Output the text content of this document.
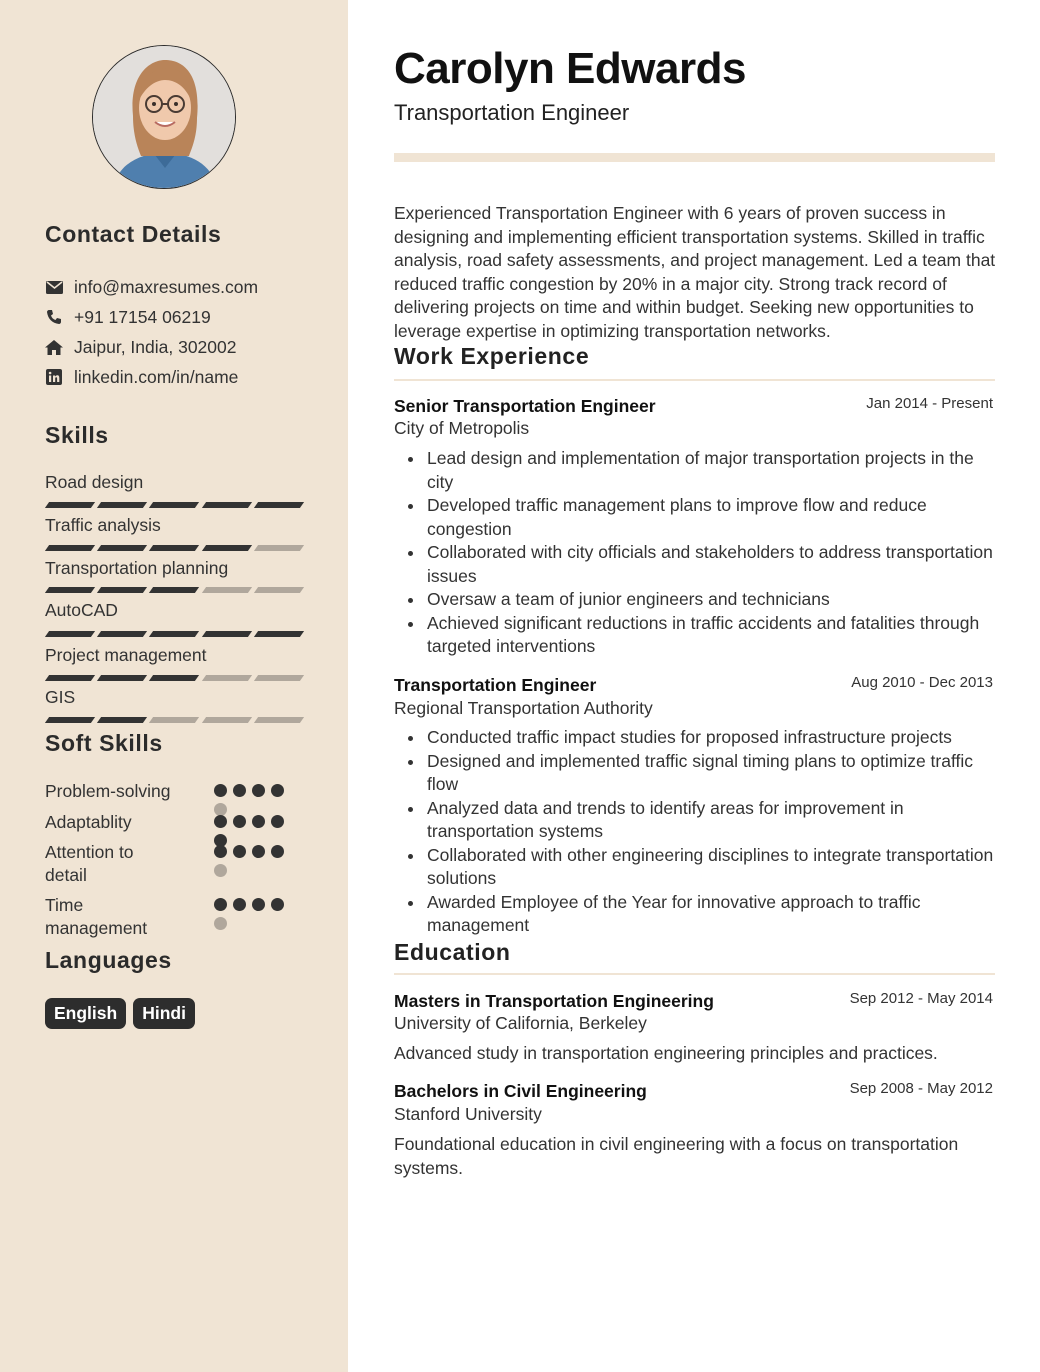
Contact Details
info@maxresumes.com
+91 17154 06219
Jaipur, India, 302002
linkedin.com/in/name
Skills
Road design
Traffic analysis
Transportation planning
AutoCAD
Project management
GIS
Soft Skills
Problem-solving
Adaptablity
Attention to detail
Time management
Languages
English	Hindi
Carolyn Edwards
Transportation Engineer
Experienced Transportation Engineer with 6 years of proven success in designing and implementing efficient transportation systems. Skilled in traffic analysis, road safety assessments, and project management. Led a team that reduced traffic congestion by 20% in a major city. Strong track record of delivering projects on time and within budget. Seeking new opportunities to leverage expertise in optimizing transportation networks.
Work Experience
Senior Transportation Engineer	Jan 2014 - Present
City of Metropolis
Lead design and implementation of major transportation projects in the city
Developed traffic management plans to improve flow and reduce congestion
Collaborated with city officials and stakeholders to address transportation issues
Oversaw a team of junior engineers and technicians
Achieved significant reductions in traffic accidents and fatalities through targeted interventions
Transportation Engineer	Aug 2010 - Dec 2013
Regional Transportation Authority
Conducted traffic impact studies for proposed infrastructure projects
Designed and implemented traffic signal timing plans to optimize traffic flow
Analyzed data and trends to identify areas for improvement in transportation systems
Collaborated with other engineering disciplines to integrate transportation solutions
Awarded Employee of the Year for innovative approach to traffic management
Education
Masters in Transportation Engineering	Sep 2012 - May 2014
University of California, Berkeley
Advanced study in transportation engineering principles and practices.
Bachelors in Civil Engineering	Sep 2008 - May 2012
Stanford University
Foundational education in civil engineering with a focus on transportation systems.
